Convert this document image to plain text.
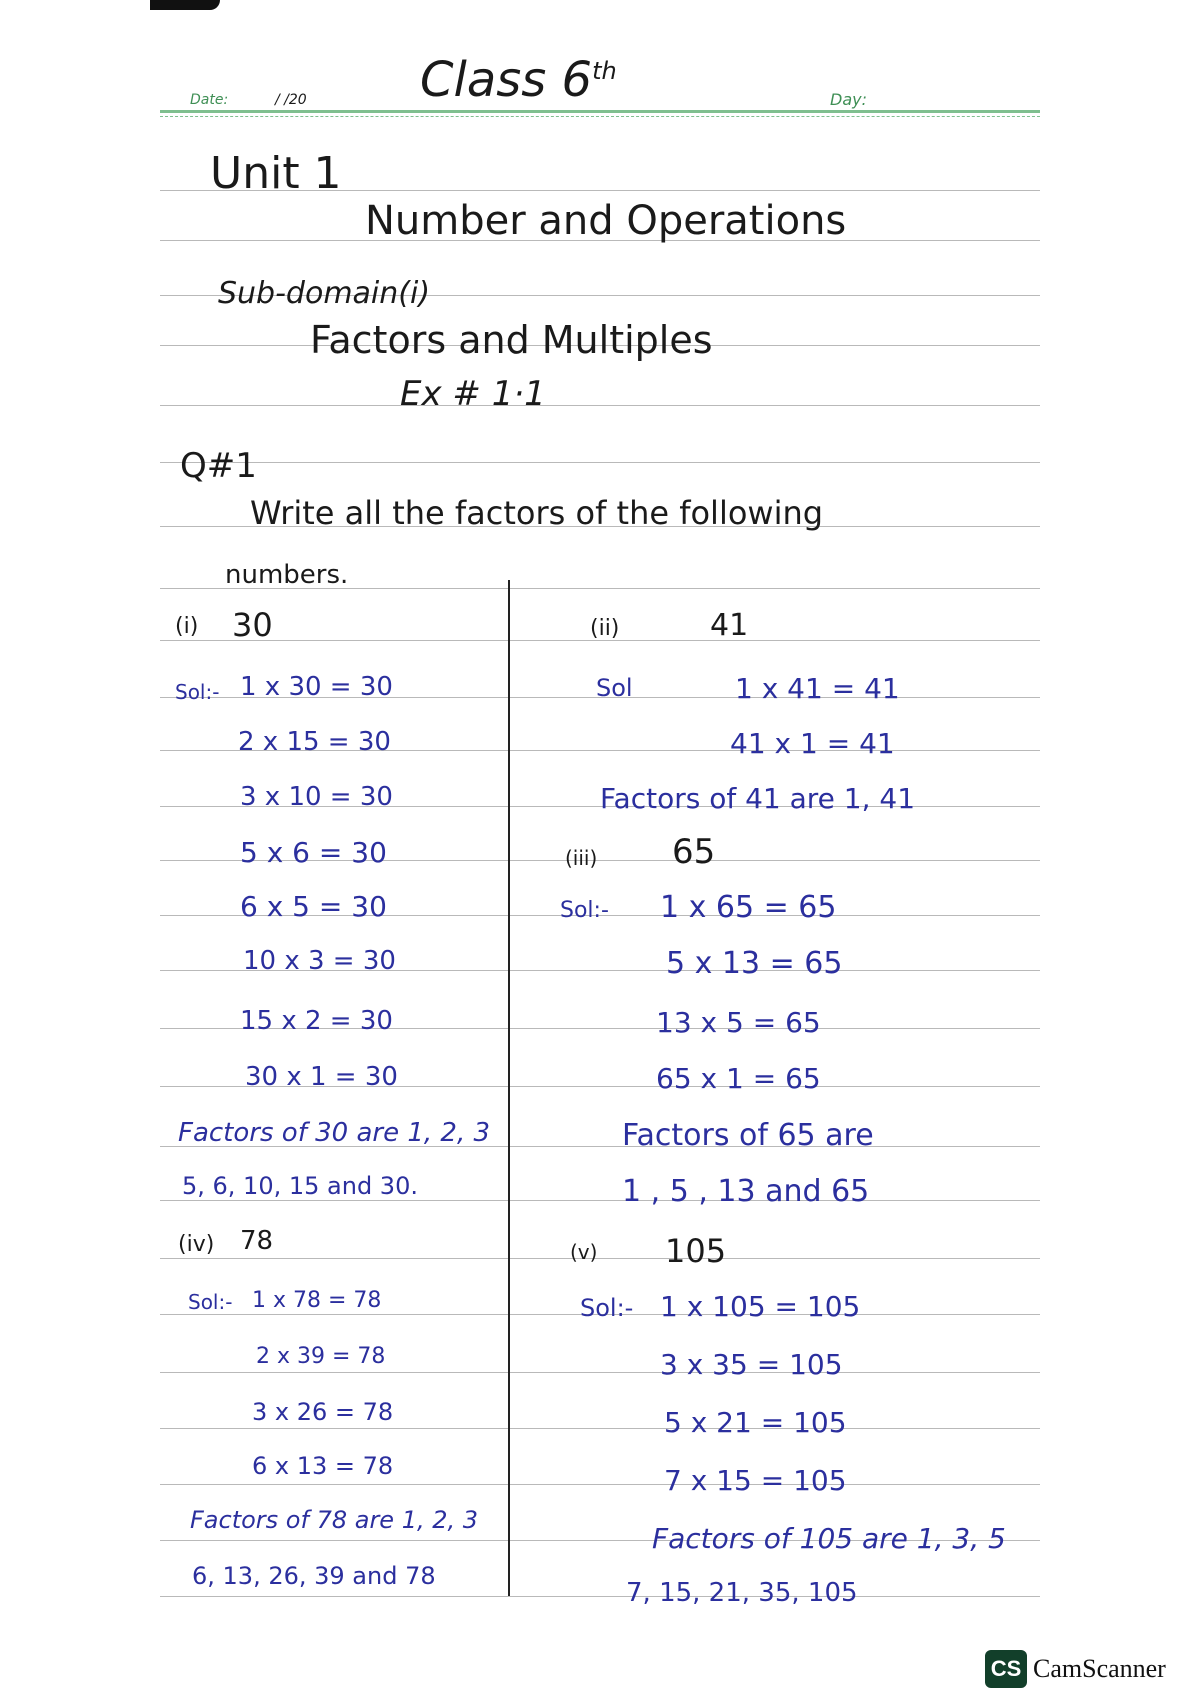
Date:	/ /20	Day:
Class 6th
Unit 1
Number and Operations
Sub-domain(i)
Factors and Multiples
Ex # 1·1
Q#1
Write all the factors of the following
numbers.
(i) 30
Sol:- 1 x 30 = 30
2 x 15 = 30
3 x 10 = 30
5 x 6 = 30
6 x 5 = 30
10 x 3 = 30
15 x 2 = 30
30 x 1 = 30
Factors of 30 are 1, 2, 3
5, 6, 10, 15 and 30.
(iv) 78
Sol:- 1 x 78 = 78
2 x 39 = 78
3 x 26 = 78
6 x 13 = 78
Factors of 78 are 1, 2, 3
6, 13, 26, 39 and 78
(ii)	41
Sol	1 x 41 = 41
41 x 1 = 41
Factors of 41 are 1, 41
(iii) 65
Sol:- 1 x 65 = 65
5 x 13 = 65
13 x 5 = 65
65 x 1 = 65
Factors of 65 are
1 , 5 , 13 and 65
(v) 105
Sol:- 1 x 105 = 105
3 x 35 = 105
5 x 21 = 105
7 x 15 = 105
Factors of 105 are 1, 3, 5
7, 15, 21, 35, 105
CS CamScanner
